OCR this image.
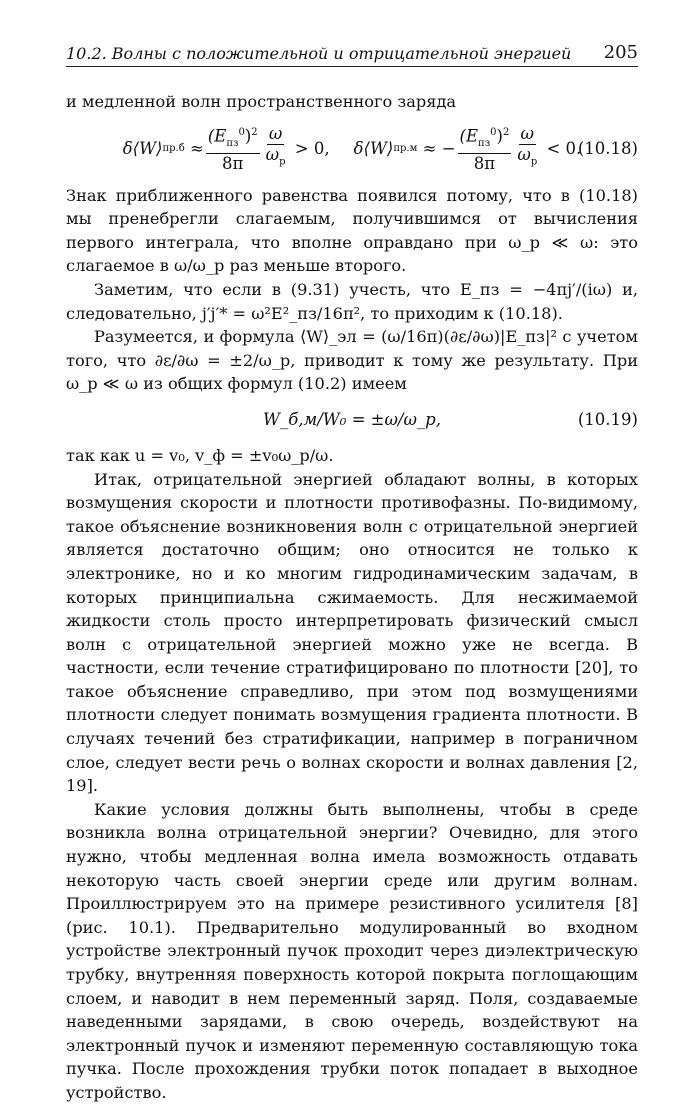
10.2. Волны с положительной и отрицательной энергией 205

и медленной волн пространственного заряда

δ⟨W⟩ пр.б
≈ $\frac{(E_{пз}^0)^2}{8\pi} \frac{\omega}{\omega_p}$
> 0, δ⟨W⟩ пр.м
≈ − $\frac{(E_{пз}^0)^2}{8\pi} \frac{\omega}{\omega_p}$
< 0.
(10.18)

Знак приближенного равенства появился потому, что в (10.18) мы пренебрегли слагаемым, получившимся от вычисления первого интеграла, что вполне оправдано при ω_p ≪ ω: это слагаемое в ω/ω_p раз меньше второго.

Заметим, что если в (9.31) учесть, что E_пз = −4πj′/(iω) и, следовательно, j′j′* = ω²E²_пз/16π², то приходим к (10.18).

Разумеется, и формула ⟨W⟩_эл = (ω/16π)(∂ε/∂ω)|E_пз|² с учетом того, что ∂ε/∂ω = ±2/ω_p, приводит к тому же результату. При ω_p ≪ ω из общих формул (10.2) имеем

W_б,м/W₀ = ±ω/ω_p,	(10.19)

так как u = v₀, v_ф = ±v₀ω_p/ω.

Итак, отрицательной энергией обладают волны, в которых возмущения скорости и плотности противофазны. По-видимому, такое объяснение возникновения волн с отрицательной энергией является достаточно общим; оно относится не только к электронике, но и ко многим гидродинамическим задачам, в которых принципиальна сжимаемость. Для несжимаемой жидкости столь просто интерпретировать физический смысл волн с отрицательной энергией можно уже не всегда. В частности, если течение стратифицировано по плотности [20], то такое объяснение справедливо, при этом под возмущениями плотности следует понимать возмущения градиента плотности. В случаях течений без стратификации, например в пограничном слое, следует вести речь о волнах скорости и волнах давления [2, 19].

Какие условия должны быть выполнены, чтобы в среде возникла волна отрицательной энергии? Очевидно, для этого нужно, чтобы медленная волна имела возможность отдавать некоторую часть своей энергии среде или другим волнам. Проиллюстрируем это на примере резистивного усилителя [8] (рис. 10.1). Предварительно модулированный во входном устройстве электронный пучок проходит через диэлектрическую трубку, внутренняя поверхность которой покрыта поглощающим слоем, и наводит в нем переменный заряд. Поля, создаваемые наведенными зарядами, в свою очередь, воздействуют на электронный пучок и изменяют переменную составляющую тока пучка. После прохождения трубки поток попадает в выходное устройство.
